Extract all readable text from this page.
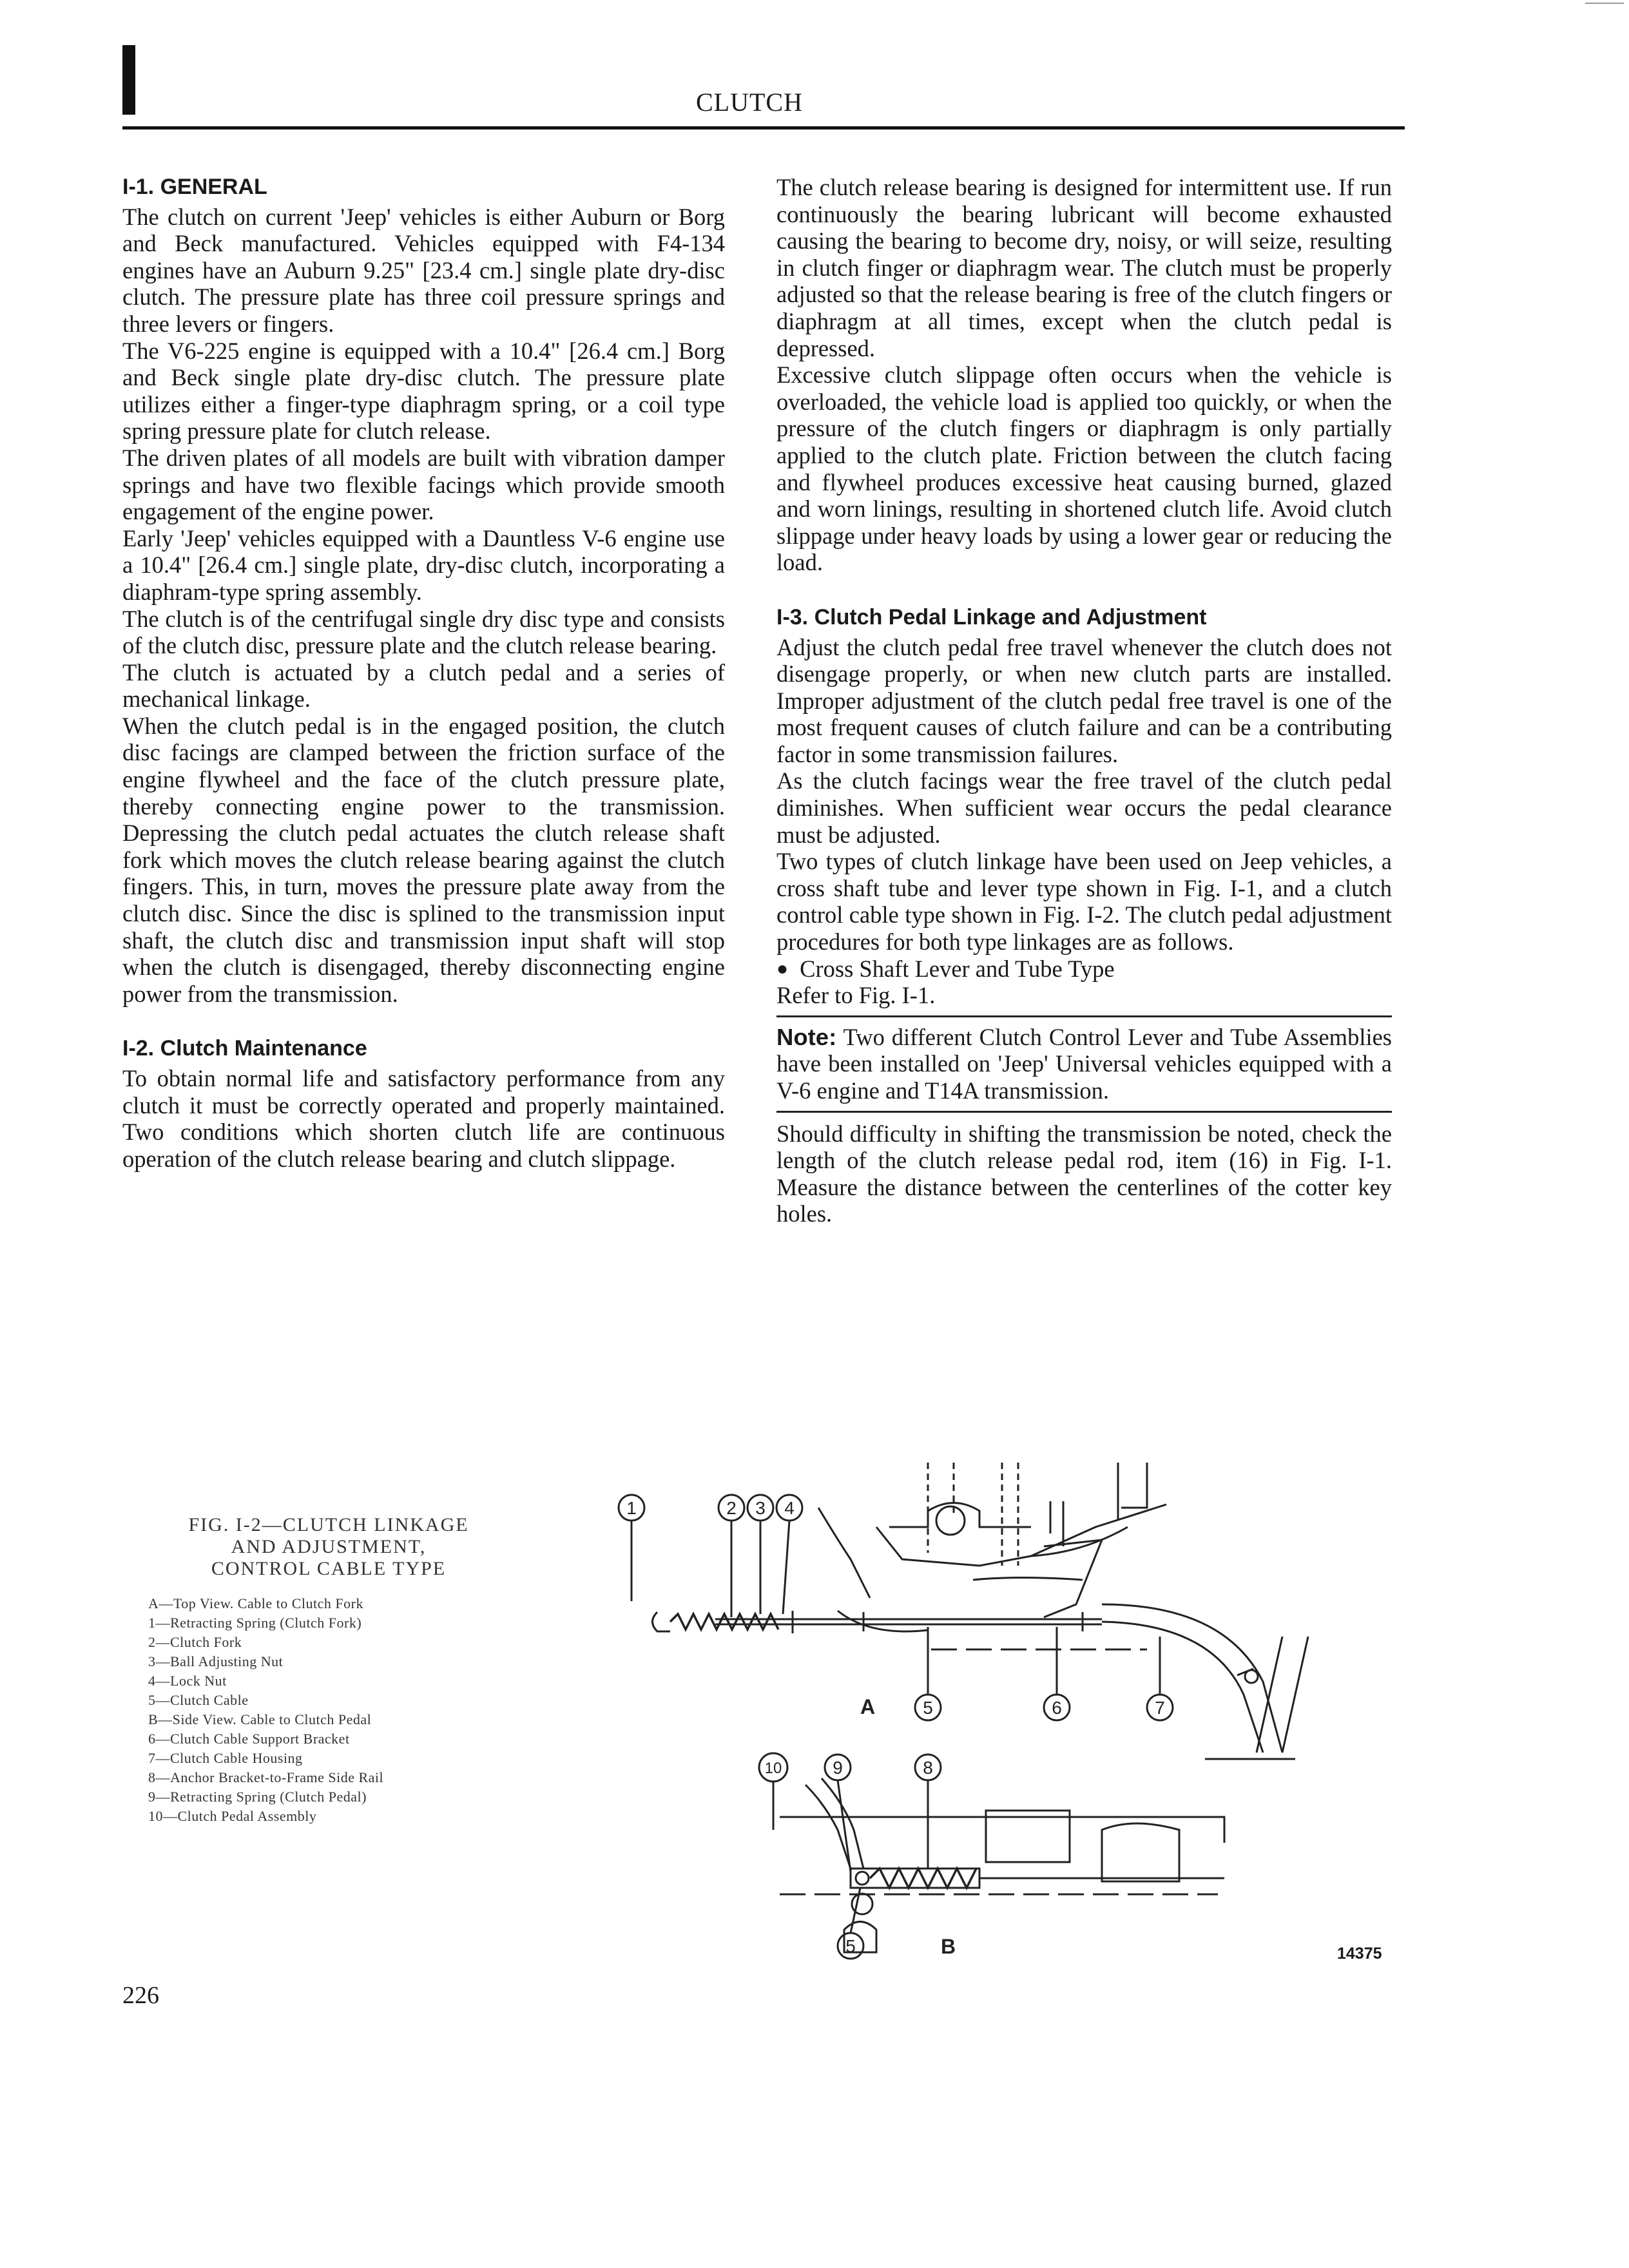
CLUTCH
I-1. GENERAL

The clutch on current 'Jeep' vehicles is either Auburn or Borg and Beck manufactured. Vehicles equipped with F4-134 engines have an Auburn 9.25" [23.4 cm.] single plate dry-disc clutch. The pressure plate has three coil pressure springs and three levers or fingers.

The V6-225 engine is equipped with a 10.4" [26.4 cm.] Borg and Beck single plate dry-disc clutch. The pressure plate utilizes either a finger-type diaphragm spring, or a coil type spring pressure plate for clutch release.

The driven plates of all models are built with vibration damper springs and have two flexible facings which provide smooth engagement of the engine power.

Early 'Jeep' vehicles equipped with a Dauntless V-6 engine use a 10.4" [26.4 cm.] single plate, dry-disc clutch, incorporating a diaphram-type spring assembly.

The clutch is of the centrifugal single dry disc type and consists of the clutch disc, pressure plate and the clutch release bearing.

The clutch is actuated by a clutch pedal and a series of mechanical linkage.

When the clutch pedal is in the engaged position, the clutch disc facings are clamped between the friction surface of the engine flywheel and the face of the clutch pressure plate, thereby connecting engine power to the transmission. Depressing the clutch pedal actuates the clutch release shaft fork which moves the clutch release bearing against the clutch fingers. This, in turn, moves the pressure plate away from the clutch disc. Since the disc is splined to the transmission input shaft, the clutch disc and transmission input shaft will stop when the clutch is disengaged, thereby disconnecting engine power from the transmission.

I-2. Clutch Maintenance

To obtain normal life and satisfactory performance from any clutch it must be correctly operated and properly maintained. Two conditions which shorten clutch life are continuous operation of the clutch release bearing and clutch slippage.

The clutch release bearing is designed for intermittent use. If run continuously the bearing lubricant will become exhausted causing the bearing to become dry, noisy, or will seize, resulting in clutch finger or diaphragm wear. The clutch must be properly adjusted so that the release bearing is free of the clutch fingers or diaphragm at all times, except when the clutch pedal is depressed.

Excessive clutch slippage often occurs when the vehicle is overloaded, the vehicle load is applied too quickly, or when the pressure of the clutch fingers or diaphragm is only partially applied to the clutch plate. Friction between the clutch facing and flywheel produces excessive heat causing burned, glazed and worn linings, resulting in shortened clutch life. Avoid clutch slippage under heavy loads by using a lower gear or reducing the load.

I-3. Clutch Pedal Linkage and Adjustment

Adjust the clutch pedal free travel whenever the clutch does not disengage properly, or when new clutch parts are installed. Improper adjustment of the clutch pedal free travel is one of the most frequent causes of clutch failure and can be a contributing factor in some transmission failures.

As the clutch facings wear the free travel of the clutch pedal diminishes. When sufficient wear occurs the pedal clearance must be adjusted.

Two types of clutch linkage have been used on Jeep vehicles, a cross shaft tube and lever type shown in Fig. I-1, and a clutch control cable type shown in Fig. I-2. The clutch pedal adjustment procedures for both type linkages are as follows.

● Cross Shaft Lever and Tube Type

Refer to Fig. I-1.

Note: Two different Clutch Control Lever and Tube Assemblies have been installed on 'Jeep' Universal vehicles equipped with a V-6 engine and T14A transmission.

Should difficulty in shifting the transmission be noted, check the length of the clutch release pedal rod, item (16) in Fig. I-1. Measure the distance between the centerlines of the cotter key holes.

FIG. I-2—CLUTCH LINKAGE
AND ADJUSTMENT,
CONTROL CABLE TYPE
A—Top View. Cable to Clutch Fork
1—Retracting Spring (Clutch Fork)
2—Clutch Fork
3—Ball Adjusting Nut
4—Lock Nut
5—Clutch Cable
B—Side View. Cable to Clutch Pedal
6—Clutch Cable Support Bracket
7—Clutch Cable Housing
8—Anchor Bracket-to-Frame Side Rail
9—Retracting Spring (Clutch Pedal)
10—Clutch Pedal Assembly
1	2 3 4
5	6	7
10	9	8
5
A
B	14375
226
